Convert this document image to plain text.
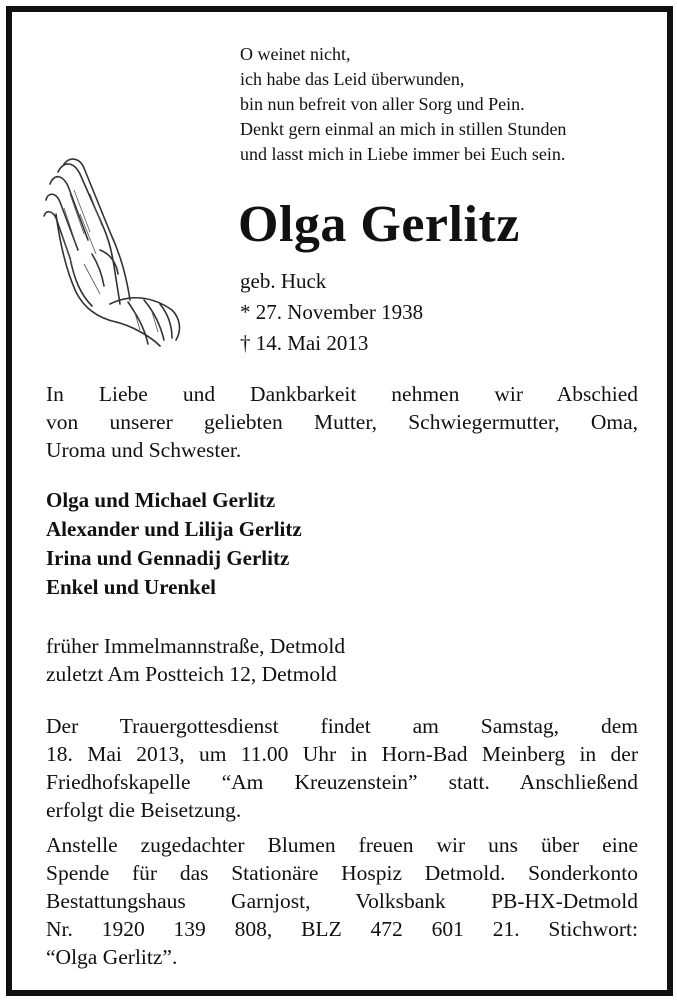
O weinet nicht,
ich habe das Leid überwunden,
bin nun befreit von aller Sorg und Pein.
Denkt gern einmal an mich in stillen Stunden
und lasst mich in Liebe immer bei Euch sein.
Olga Gerlitz
geb. Huck
* 27. November 1938
† 14. Mai 2013
In Liebe und Dankbarkeit nehmen wir Abschied
von unserer geliebten Mutter, Schwiegermutter, Oma,
Uroma und Schwester.
Olga und Michael Gerlitz
Alexander und Lilija Gerlitz
Irina und Gennadij Gerlitz
Enkel und Urenkel
früher Immelmannstraße, Detmold
zuletzt Am Postteich 12, Detmold
Der Trauergottesdienst findet am Samstag, dem
18. Mai 2013, um 11.00 Uhr in Horn-Bad Meinberg in der
Friedhofskapelle “Am Kreuzenstein” statt. Anschließend
erfolgt die Beisetzung.
Anstelle zugedachter Blumen freuen wir uns über eine
Spende für das Stationäre Hospiz Detmold. Sonderkonto
Bestattungshaus Garnjost, Volksbank PB-HX-Detmold
Nr. 1920 139 808, BLZ 472 601 21. Stichwort:
“Olga Gerlitz”.
